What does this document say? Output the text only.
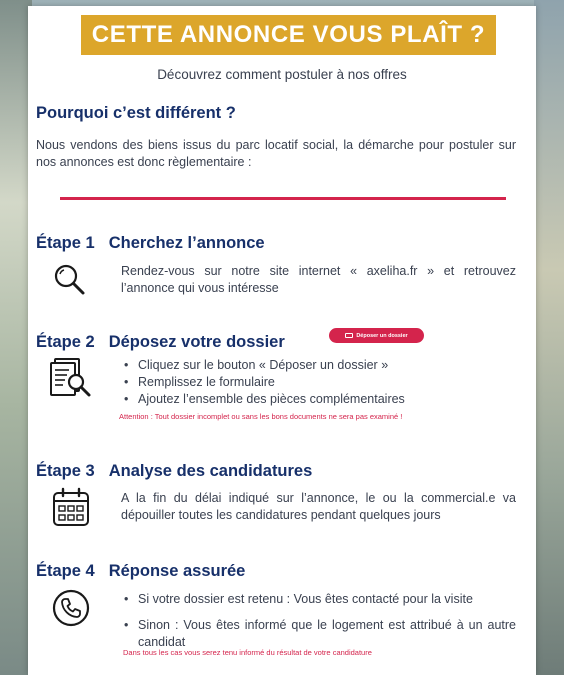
CETTE ANNONCE VOUS PLAÎT ?
Découvrez comment postuler à nos offres
Pourquoi c’est différent ?
Nous vendons des biens issus du parc locatif social, la démarche pour postuler sur nos annonces est donc règlementaire :
Étape 1 Cherchez l’annonce
Rendez-vous sur notre site internet « axeliha.fr » et retrouvez l’annonce qui vous intéresse
Étape 2 Déposez votre dossier	Déposer un dossier
• Cliquez sur le bouton « Déposer un dossier »
• Remplissez le formulaire
• Ajoutez l’ensemble des pièces complémentaires
Attention : Tout dossier incomplet ou sans les bons documents ne sera pas examiné !
Étape 3 Analyse des candidatures
A la fin du délai indiqué sur l’annonce, le ou la commercial.e va dépouiller toutes les candidatures pendant quelques jours
Étape 4 Réponse assurée
• Si votre dossier est retenu : Vous êtes contacté pour la visite
• Sinon : Vous êtes informé que le logement est attribué à un autre candidat
Dans tous les cas vous serez tenu informé du résultat de votre candidature
